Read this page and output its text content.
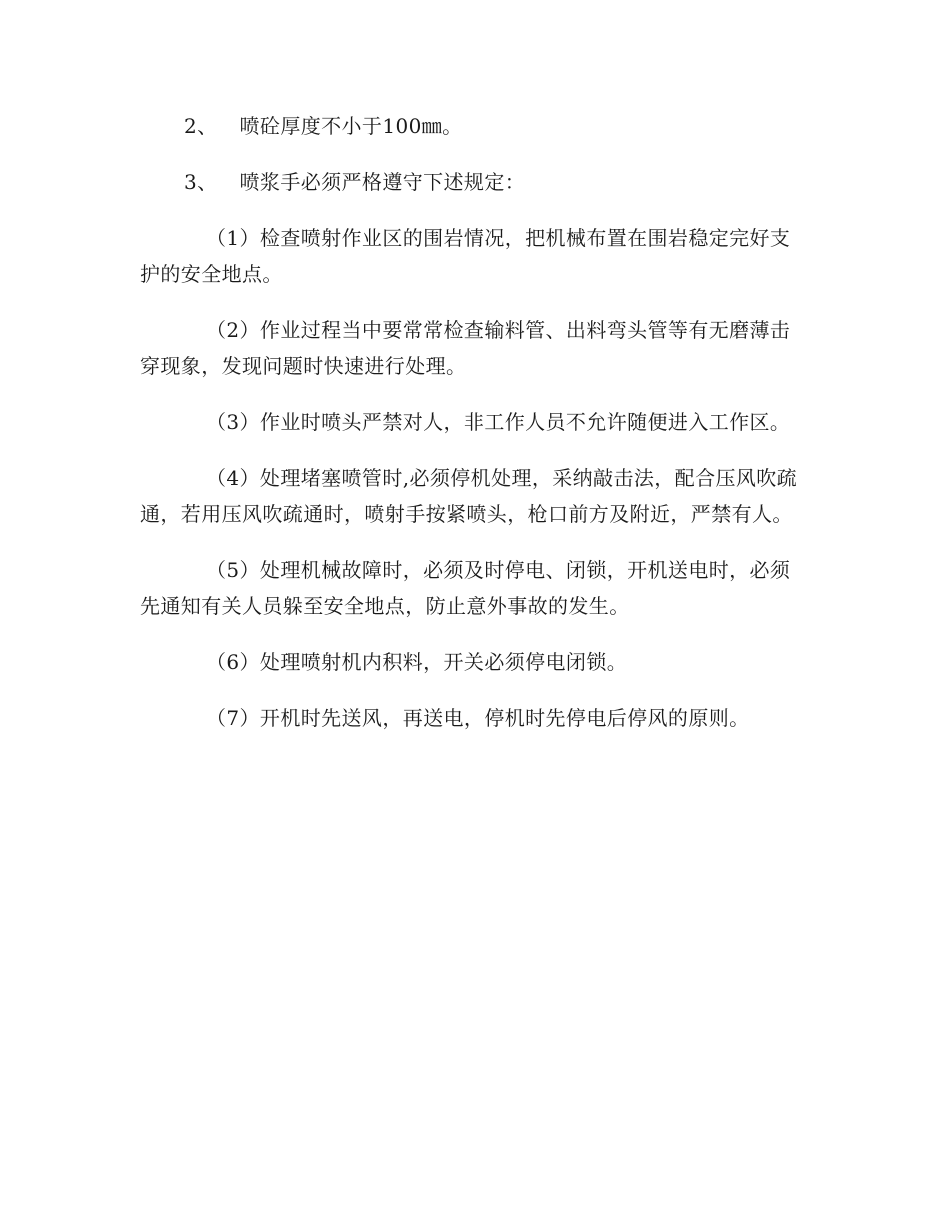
2、 喷砼厚度不小于100㎜。

3、 喷浆手必须严格遵守下述规定：

（1）检查喷射作业区的围岩情况，把机械布置在围岩稳定完好支护的安全地点。

（2）作业过程当中要常常检查输料管、出料弯头管等有无磨薄击穿现象，发现问题时快速进行处理。

（3）作业时喷头严禁对人，非工作人员不允许随便进入工作区。

（4）处理堵塞喷管时,必须停机处理，采纳敲击法，配合压风吹疏通，若用压风吹疏通时，喷射手按紧喷头，枪口前方及附近，严禁有人。

（5）处理机械故障时，必须及时停电、闭锁，开机送电时，必须先通知有关人员躲至安全地点，防止意外事故的发生。

（6）处理喷射机内积料，开关必须停电闭锁。

（7）开机时先送风，再送电，停机时先停电后停风的原则。
